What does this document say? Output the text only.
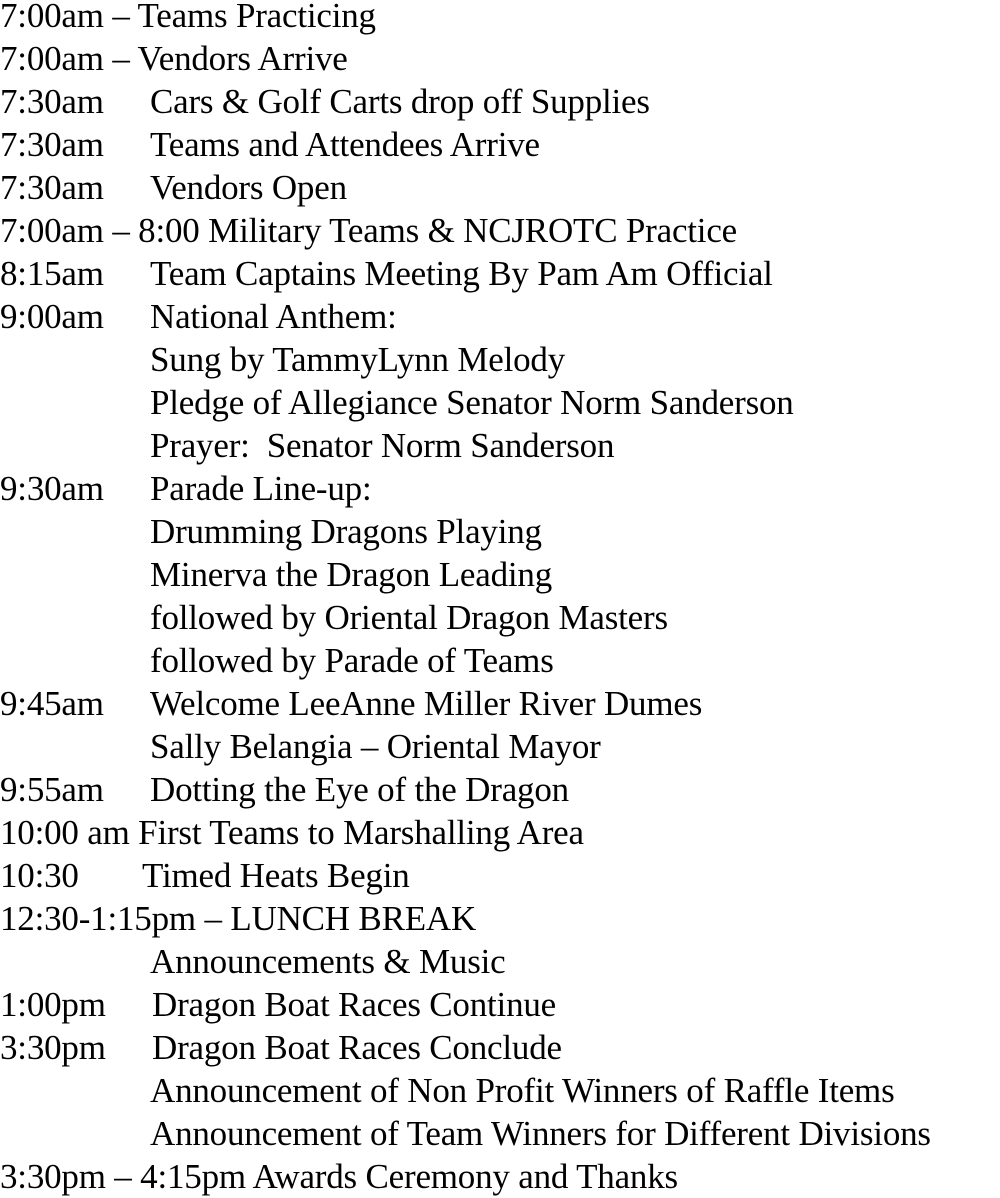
7:00am – Teams Practicing
7:00am – Vendors Arrive
7:30am Cars & Golf Carts drop off Supplies
7:30am Teams and Attendees Arrive
7:30am Vendors Open
7:00am – 8:00 Military Teams & NCJROTC Practice
8:15am Team Captains Meeting By Pam Am Official
9:00am National Anthem:
Sung by TammyLynn Melody
Pledge of Allegiance Senator Norm Sanderson
Prayer:  Senator Norm Sanderson
9:30am Parade Line-up:
Drumming Dragons Playing
Minerva the Dragon Leading
followed by Oriental Dragon Masters
followed by Parade of Teams
9:45am Welcome LeeAnne Miller River Dumes
Sally Belangia – Oriental Mayor
9:55am Dotting the Eye of the Dragon
10:00 am First Teams to Marshalling Area
10:30 Timed Heats Begin
12:30-1:15pm – LUNCH BREAK
Announcements & Music
1:00pm Dragon Boat Races Continue
3:30pm Dragon Boat Races Conclude
Announcement of Non Profit Winners of Raffle Items
Announcement of Team Winners for Different Divisions
3:30pm – 4:15pm Awards Ceremony and Thanks
